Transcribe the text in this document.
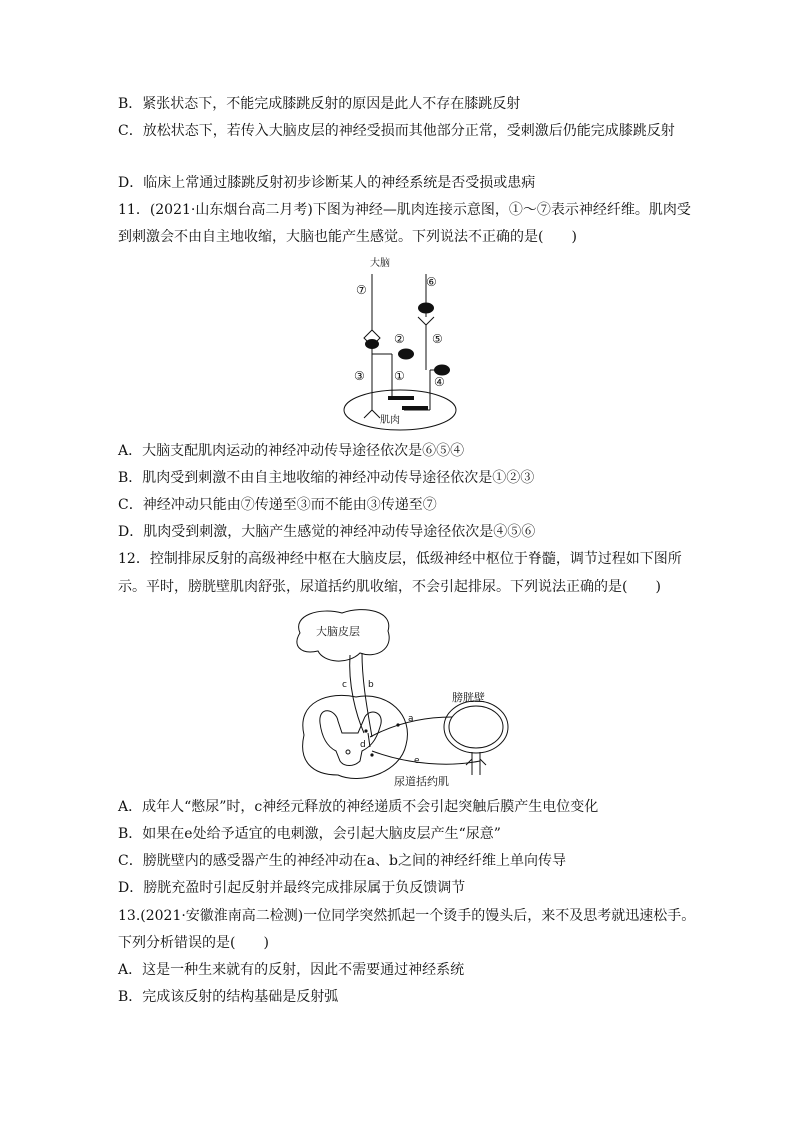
B．紧张状态下，不能完成膝跳反射的原因是此人不存在膝跳反射
C．放松状态下，若传入大脑皮层的神经受损而其他部分正常，受刺激后仍能完成膝跳反射
D．临床上常通过膝跳反射初步诊断某人的神经系统是否受损或患病
11．(2021·山东烟台高二月考)下图为神经—肌肉连接示意图，①～⑦表示神经纤维。肌肉受
到刺激会不由自主地收缩，大脑也能产生感觉。下列说法不正确的是(　　)
大脑
⑦
⑥
⑤
②
③ ① ④
肌肉
A．大脑支配肌肉运动的神经冲动传导途径依次是⑥⑤④
B．肌肉受到刺激不由自主地收缩的神经冲动传导途径依次是①②③
C．神经冲动只能由⑦传递至③而不能由③传递至⑦
D．肌肉受到刺激，大脑产生感觉的神经冲动传导途径依次是④⑤⑥
12．控制排尿反射的高级神经中枢在大脑皮层，低级神经中枢位于脊髓，调节过程如下图所
示。平时，膀胱壁肌肉舒张，尿道括约肌收缩，不会引起排尿。下列说法正确的是(　　)
大脑皮层
膀胱壁
尿道括约肌
c b
a
d
e
A．成年人“憋尿”时，c神经元释放的神经递质不会引起突触后膜产生电位变化
B．如果在e处给予适宜的电刺激，会引起大脑皮层产生“尿意”
C．膀胱壁内的感受器产生的神经冲动在a、b之间的神经纤维上单向传导
D．膀胱充盈时引起反射并最终完成排尿属于负反馈调节
13.(2021·安徽淮南高二检测)一位同学突然抓起一个烫手的馒头后，来不及思考就迅速松手。
下列分析错误的是(　　)
A．这是一种生来就有的反射，因此不需要通过神经系统
B．完成该反射的结构基础是反射弧
